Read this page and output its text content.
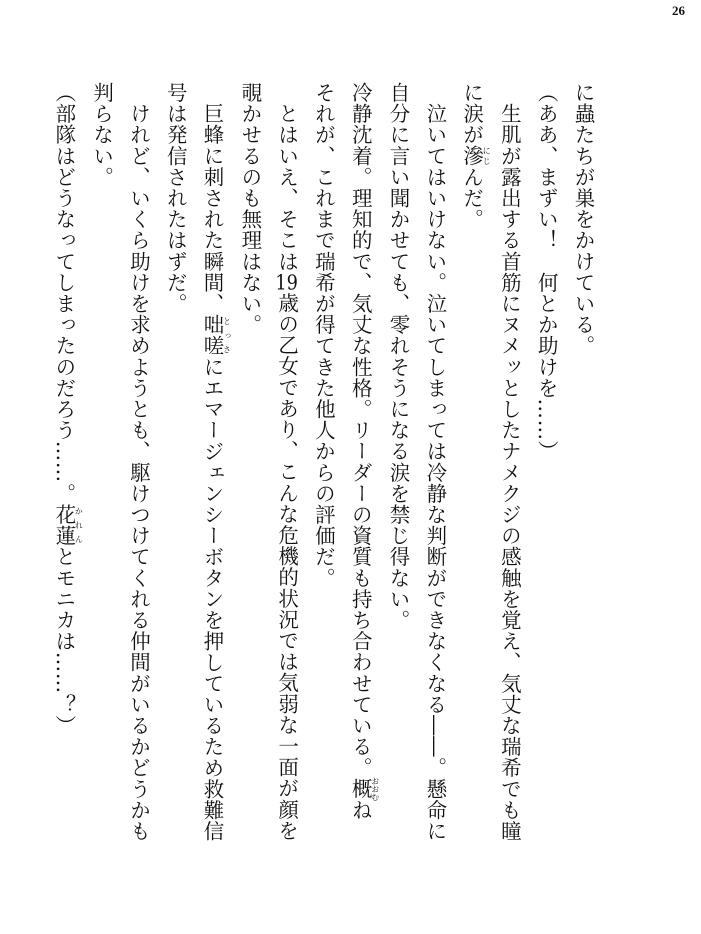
26

に蟲たちが巣をかけている。

（ああ、まずい！　何とか助けを……）

　生肌が露出する首筋にヌメッとしたナメクジの感触を覚え、気丈な瑞希でも瞳

に涙が滲にじんだ。

　泣いてはいけない。泣いてしまっては冷静な判断ができなくなる――。懸命に

自分に言い聞かせても、零れそうになる涙を禁じ得ない。

冷静沈着。理知的で、気丈な性格。リーダーの資質も持ち合わせている。概おおむね

それが、これまで瑞希が得てきた他人からの評価だ。

　とはいえ、そこは19歳の乙女であり、こんな危機的状況では気弱な一面が顔を

覗かせるのも無理はない。

　巨蜂に刺された瞬間、咄嗟とっさにエマージェンシーボタンを押しているため救難信

号は発信されたはずだ。

　けれど、いくら助けを求めようとも、駆けつけてくれる仲間がいるかどうかも

判らない。

（部隊はどうなってしまったのだろう……。花蓮かれんとモニカは……？）
